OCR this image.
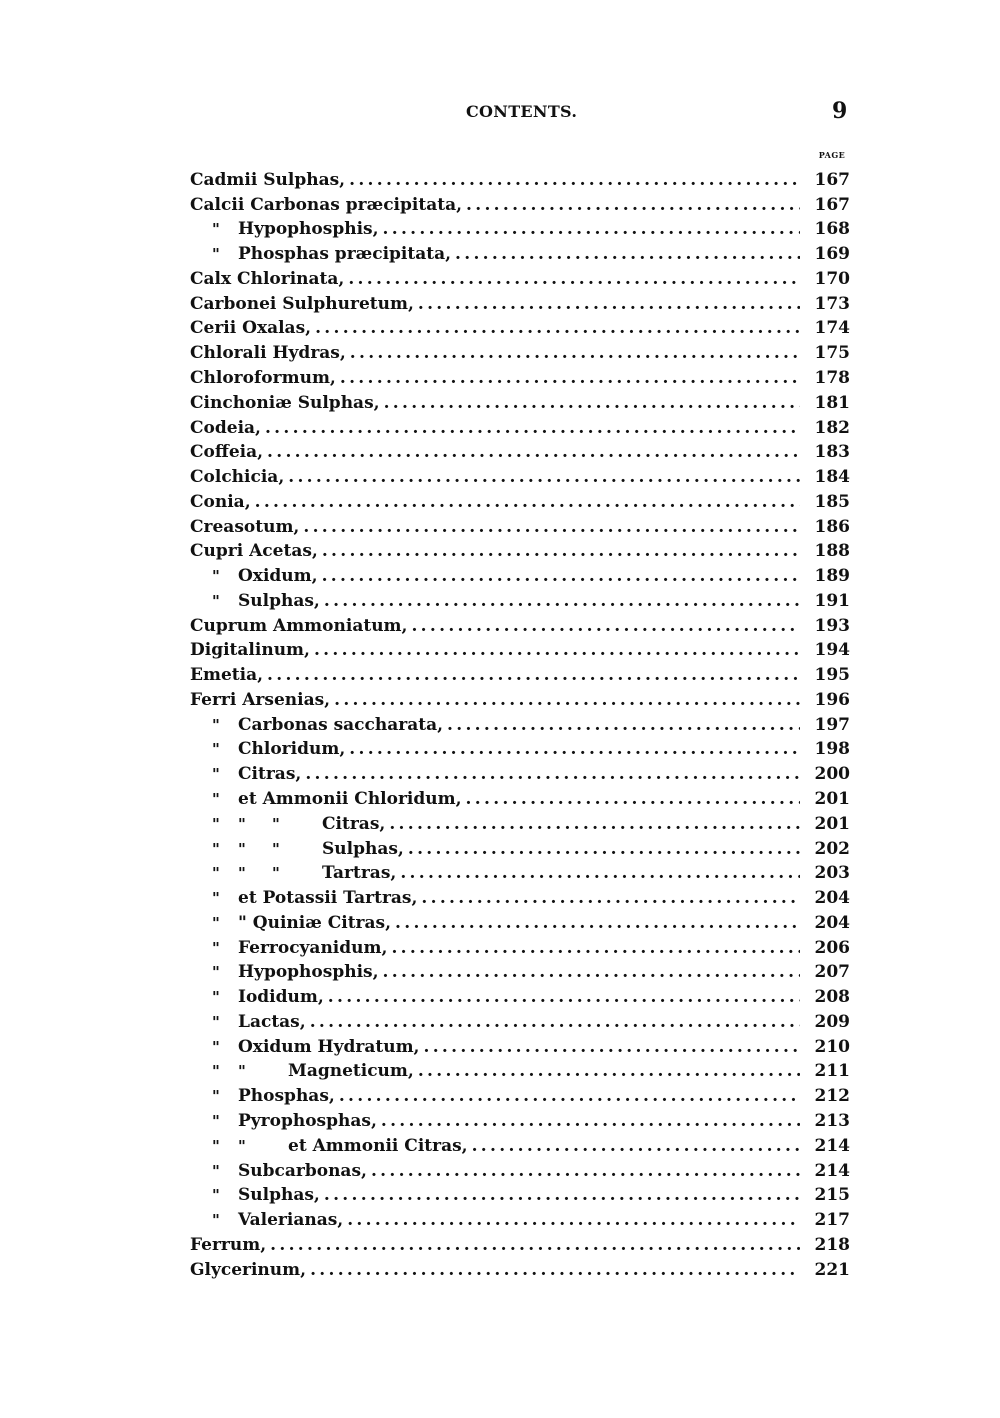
CONTENTS.	9
PAGE
Cadmii Sulphas, .....	167
Calcii Carbonas præcipitata, .....	167
"	Hypophosphis, .....	168
"	Phosphas præcipitata, .....	169
Calx Chlorinata, .....	170
Carbonei Sulphuretum, .....	173
Cerii Oxalas, .....	174
Chlorali Hydras, .....	175
Chloroformum, .....	178
Cinchoniæ Sulphas, .....	181
Codeia, .....	182
Coffeia, .....	183
Colchicia, .....	184
Conia, .....	185
Creasotum, .....	186
Cupri Acetas, .....	188
"	Oxidum, .....	189
"	Sulphas, .....	191
Cuprum Ammoniatum, .....	193
Digitalinum, .....	194
Emetia, .....	195
Ferri Arsenias, .....	196
"	Carbonas saccharata, .....	197
"	Chloridum, .....	198
"	Citras, .....	200
"	et Ammonii Chloridum, .....	201
"	"	"	Citras, .....	201
"	"	"	Sulphas, .....	202
"	"	"	Tartras, .....	203
"	et Potassii Tartras, .....	204
"	" Quiniæ Citras, .....	204
"	Ferrocyanidum, .....	206
"	Hypophosphis, .....	207
"	Iodidum, .....	208
"	Lactas, .....	209
"	Oxidum Hydratum, .....	210
"	"	Magneticum, .....	211
"	Phosphas, .....	212
"	Pyrophosphas, .....	213
"	"	et Ammonii Citras, .....	214
"	Subcarbonas, .....	214
"	Sulphas, .....	215
"	Valerianas, .....	217
Ferrum, .....	218
Glycerinum, .....	221
